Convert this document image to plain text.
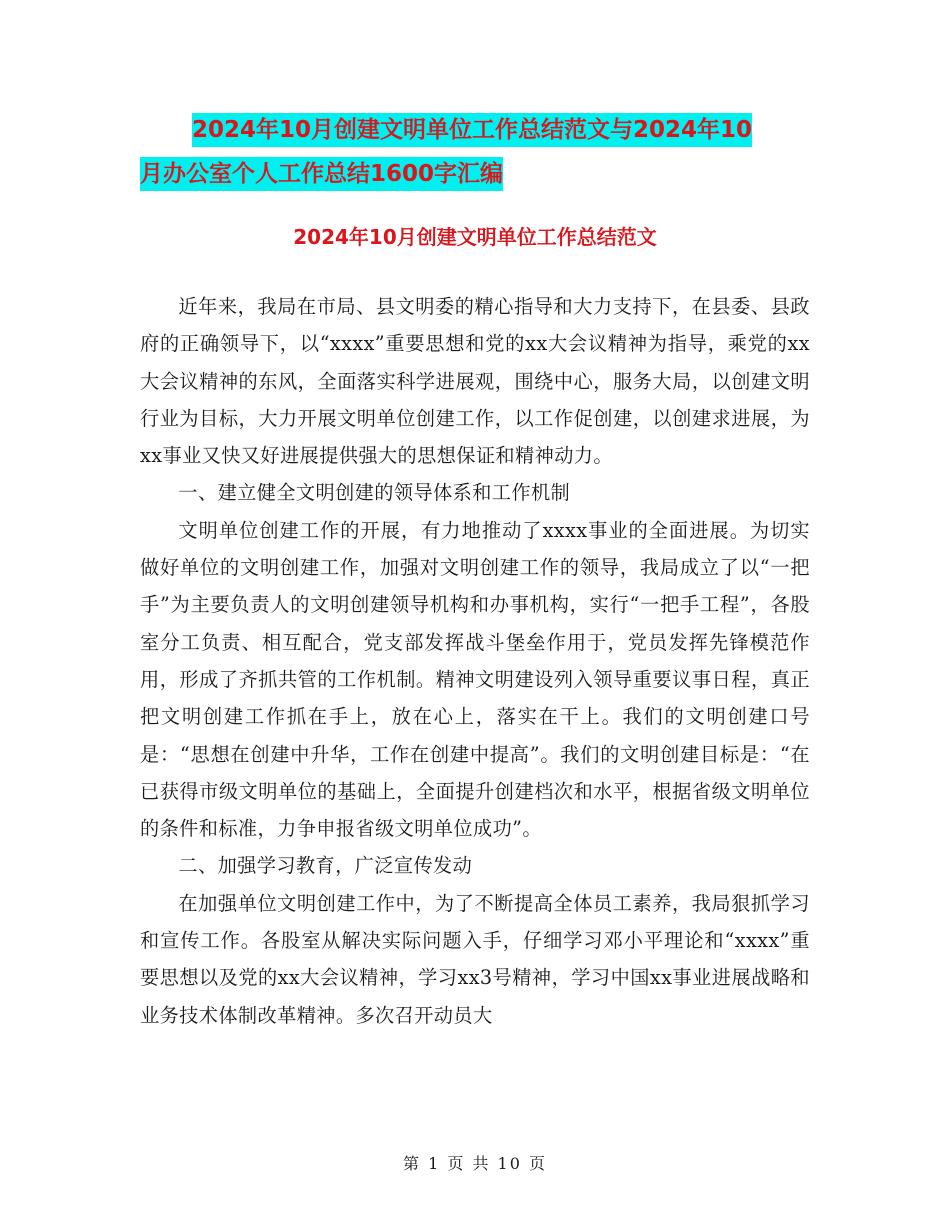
2024年10月创建文明单位工作总结范文与2024年10
月办公室个人工作总结1600字汇编
2024年10月创建文明单位工作总结范文

近年来，我局在市局、县文明委的精心指导和大力支持下，在县委、县政府的正确领导下，以“xxxx”重要思想和党的xx大会议精神为指导，乘党的xx大会议精神的东风，全面落实科学进展观，围绕中心，服务大局，以创建文明行业为目标，大力开展文明单位创建工作，以工作促创建，以创建求进展，为xx事业又快又好进展提供强大的思想保证和精神动力。

一、建立健全文明创建的领导体系和工作机制

文明单位创建工作的开展，有力地推动了xxxx事业的全面进展。为切实做好单位的文明创建工作，加强对文明创建工作的领导，我局成立了以“一把手”为主要负责人的文明创建领导机构和办事机构，实行“一把手工程”，各股室分工负责、相互配合，党支部发挥战斗堡垒作用于，党员发挥先锋模范作用，形成了齐抓共管的工作机制。精神文明建设列入领导重要议事日程，真正把文明创建工作抓在手上，放在心上，落实在干上。我们的文明创建口号是：“思想在创建中升华，工作在创建中提高”。我们的文明创建目标是：“在已获得市级文明单位的基础上，全面提升创建档次和水平，根据省级文明单位的条件和标准，力争申报省级文明单位成功”。

二、加强学习教育，广泛宣传发动

在加强单位文明创建工作中，为了不断提高全体员工素养，我局狠抓学习和宣传工作。各股室从解决实际问题入手，仔细学习邓小平理论和“xxxx”重要思想以及党的xx大会议精神，学习xx3号精神，学习中国xx事业进展战略和业务技术体制改革精神。多次召开动员大

第 1 页 共 10 页
